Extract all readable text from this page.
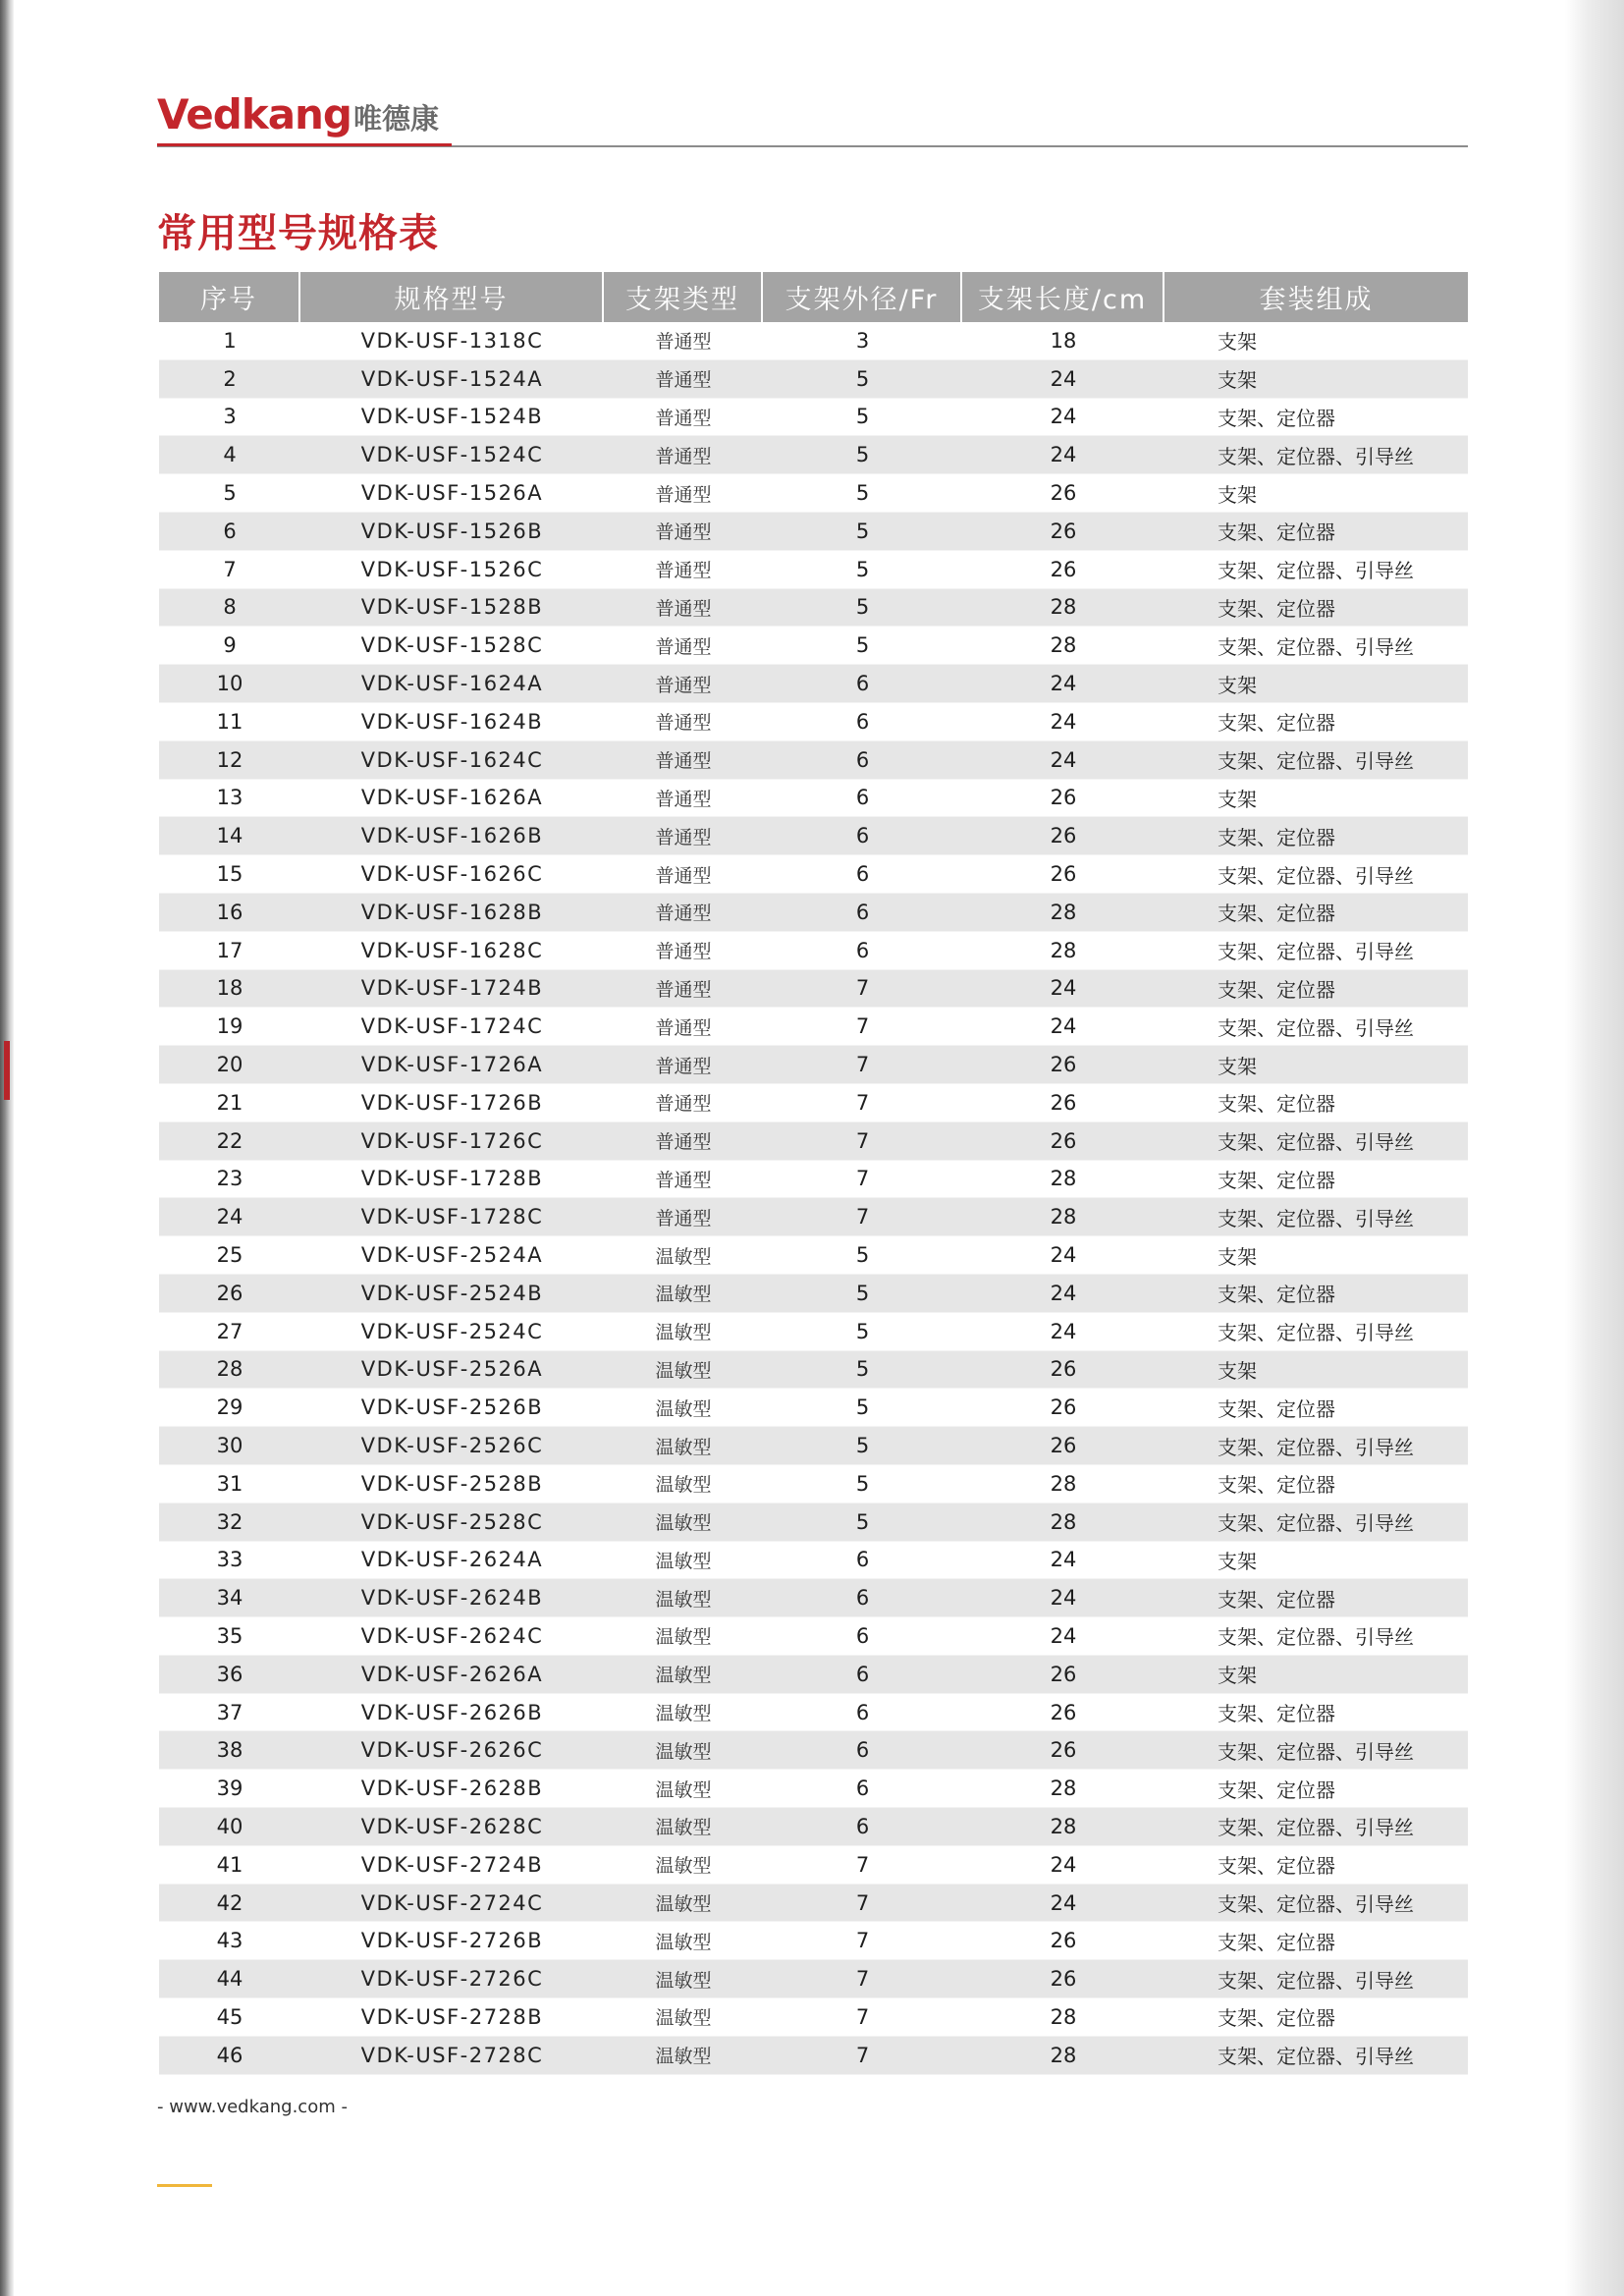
Vedkang 唯德康
常用型号规格表
序号	规格型号	支架类型	支架外径/Fr	支架长度/cm	套装组成
1	VDK-USF-1318C	普通型	3	18	支架
2	VDK-USF-1524A	普通型	5	24	支架
3	VDK-USF-1524B	普通型	5	24	支架、定位器
4	VDK-USF-1524C	普通型	5	24	支架、定位器、引导丝
5	VDK-USF-1526A	普通型	5	26	支架
6	VDK-USF-1526B	普通型	5	26	支架、定位器
7	VDK-USF-1526C	普通型	5	26	支架、定位器、引导丝
8	VDK-USF-1528B	普通型	5	28	支架、定位器
9	VDK-USF-1528C	普通型	5	28	支架、定位器、引导丝
10	VDK-USF-1624A	普通型	6	24	支架
11	VDK-USF-1624B	普通型	6	24	支架、定位器
12	VDK-USF-1624C	普通型	6	24	支架、定位器、引导丝
13	VDK-USF-1626A	普通型	6	26	支架
14	VDK-USF-1626B	普通型	6	26	支架、定位器
15	VDK-USF-1626C	普通型	6	26	支架、定位器、引导丝
16	VDK-USF-1628B	普通型	6	28	支架、定位器
17	VDK-USF-1628C	普通型	6	28	支架、定位器、引导丝
18	VDK-USF-1724B	普通型	7	24	支架、定位器
19	VDK-USF-1724C	普通型	7	24	支架、定位器、引导丝
20	VDK-USF-1726A	普通型	7	26	支架
21	VDK-USF-1726B	普通型	7	26	支架、定位器
22	VDK-USF-1726C	普通型	7	26	支架、定位器、引导丝
23	VDK-USF-1728B	普通型	7	28	支架、定位器
24	VDK-USF-1728C	普通型	7	28	支架、定位器、引导丝
25	VDK-USF-2524A	温敏型	5	24	支架
26	VDK-USF-2524B	温敏型	5	24	支架、定位器
27	VDK-USF-2524C	温敏型	5	24	支架、定位器、引导丝
28	VDK-USF-2526A	温敏型	5	26	支架
29	VDK-USF-2526B	温敏型	5	26	支架、定位器
30	VDK-USF-2526C	温敏型	5	26	支架、定位器、引导丝
31	VDK-USF-2528B	温敏型	5	28	支架、定位器
32	VDK-USF-2528C	温敏型	5	28	支架、定位器、引导丝
33	VDK-USF-2624A	温敏型	6	24	支架
34	VDK-USF-2624B	温敏型	6	24	支架、定位器
35	VDK-USF-2624C	温敏型	6	24	支架、定位器、引导丝
36	VDK-USF-2626A	温敏型	6	26	支架
37	VDK-USF-2626B	温敏型	6	26	支架、定位器
38	VDK-USF-2626C	温敏型	6	26	支架、定位器、引导丝
39	VDK-USF-2628B	温敏型	6	28	支架、定位器
40	VDK-USF-2628C	温敏型	6	28	支架、定位器、引导丝
41	VDK-USF-2724B	温敏型	7	24	支架、定位器
42	VDK-USF-2724C	温敏型	7	24	支架、定位器、引导丝
43	VDK-USF-2726B	温敏型	7	26	支架、定位器
44	VDK-USF-2726C	温敏型	7	26	支架、定位器、引导丝
45	VDK-USF-2728B	温敏型	7	28	支架、定位器
46	VDK-USF-2728C	温敏型	7	28	支架、定位器、引导丝
- www.vedkang.com -
